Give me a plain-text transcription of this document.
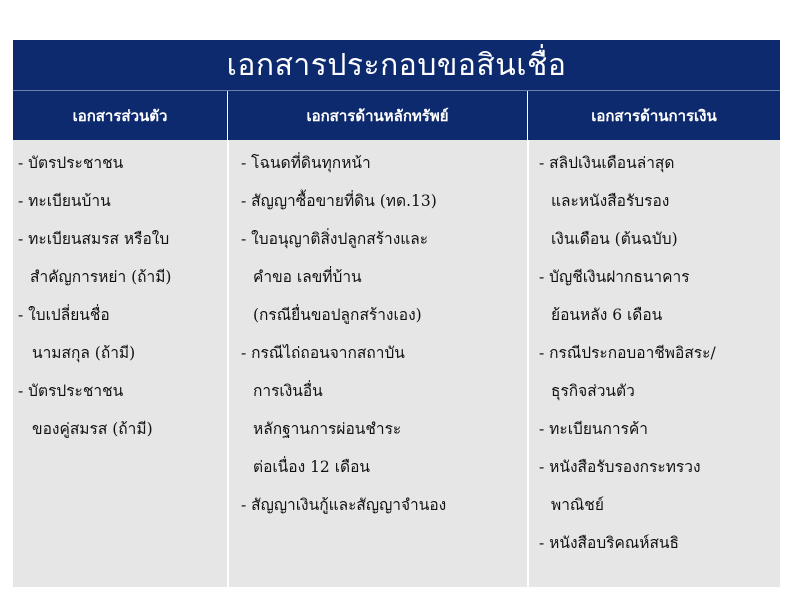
เอกสารประกอบขอสินเชื่อ
เอกสารส่วนตัว	เอกสารด้านหลักทรัพย์	เอกสารด้านการเงิน
- บัตรประชาชน
- ทะเบียนบ้าน
- ทะเบียนสมรส หรือใบ
สำคัญการหย่า (ถ้ามี)
- ใบเปลี่ยนชื่อ
นามสกุล (ถ้ามี)
- บัตรประชาชน
ของคู่สมรส (ถ้ามี)
- โฉนดที่ดินทุกหน้า
- สัญญาซื้อขายที่ดิน (ทด.13)
- ใบอนุญาติสิ่งปลูกสร้างและ
คำขอ เลขที่บ้าน
(กรณียื่นขอปลูกสร้างเอง)
- กรณีไถ่ถอนจากสถาบัน
การเงินอื่น
หลักฐานการผ่อนชำระ
ต่อเนื่อง 12 เดือน
- สัญญาเงินกู้และสัญญาจำนอง
- สลิปเงินเดือนล่าสุด
และหนังสือรับรอง
เงินเดือน (ต้นฉบับ)
- บัญชีเงินฝากธนาคาร
ย้อนหลัง 6 เดือน
- กรณีประกอบอาชีพอิสระ/
ธุรกิจส่วนตัว
- ทะเบียนการค้า
- หนังสือรับรองกระทรวง
พาณิชย์
- หนังสือบริคณห์สนธิ
